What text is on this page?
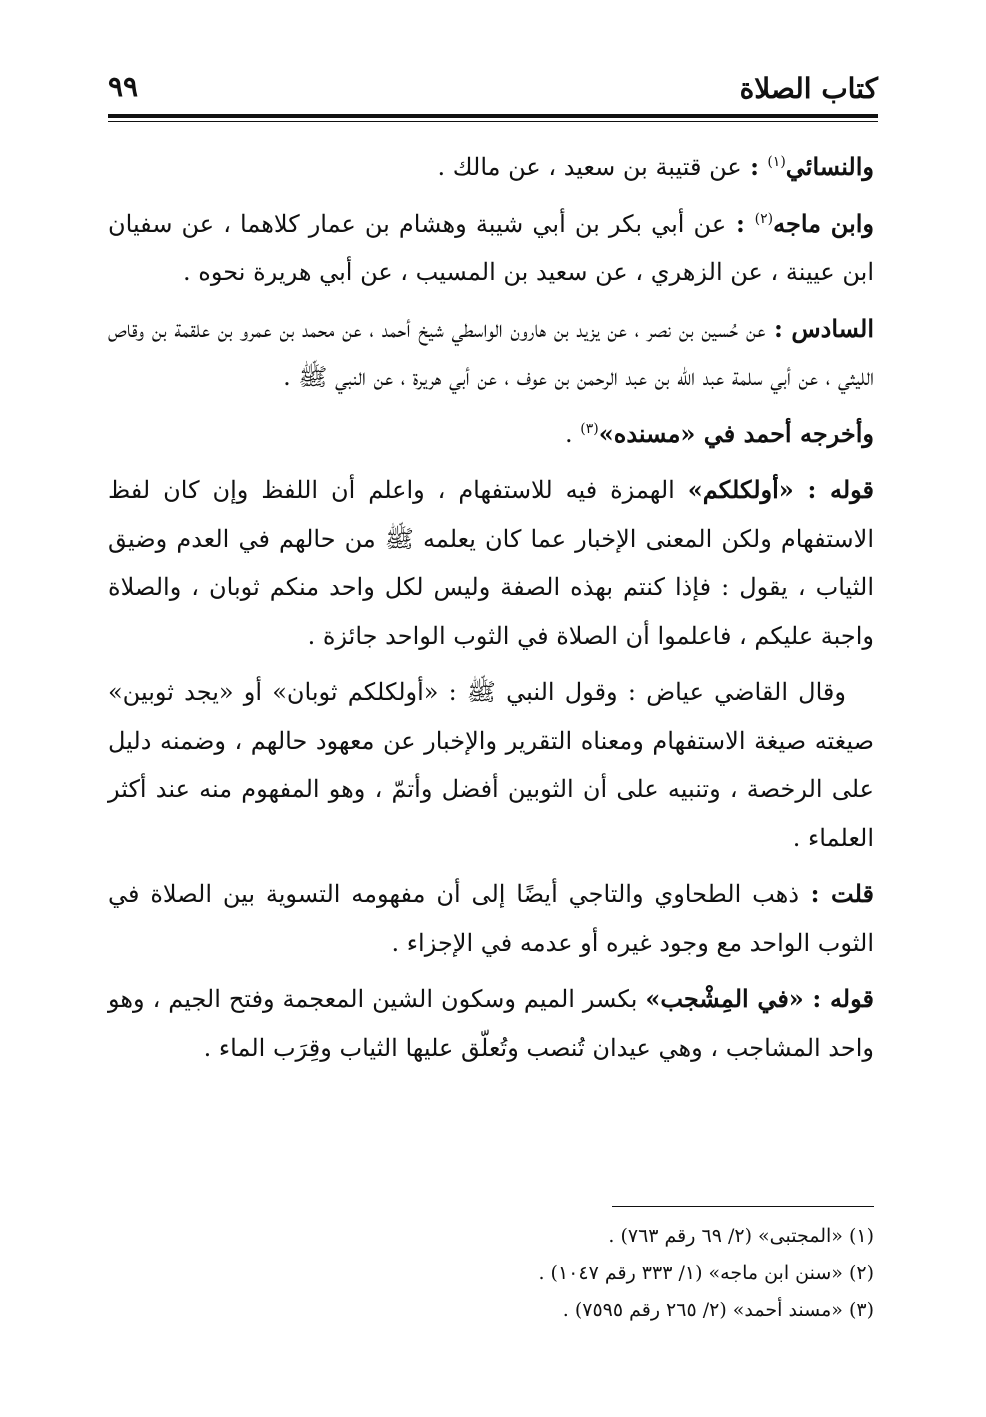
كتاب الصلاة
٩٩

والنسائي$^{(١)}$ : عن قتيبة بن سعيد ، عن مالك .

وابن ماجه$^{(٢)}$ : عن أبي بكر بن أبي شيبة وهشام بن عمار كلاهما ، عن سفيان ابن عيينة ، عن الزهري ، عن سعيد بن المسيب ، عن أبي هريرة نحوه .

السادس : عن حُسين بن نصر ، عن يزيد بن هارون الواسطي شيخ أحمد ، عن محمد بن عمرو بن علقمة بن وقاص الليثي ، عن أبي سلمة عبد الله بن عبد الرحمن بن عوف ، عن أبي هريرة ، عن النبي ﷺ .

وأخرجه أحمد في «مسنده»$^{(٣)}$ .

قوله : «أولكلكم» الهمزة فيه للاستفهام ، واعلم أن اللفظ وإن كان لفظ الاستفهام ولكن المعنى الإخبار عما كان يعلمه ﷺ من حالهم في العدم وضيق الثياب ، يقول : فإذا كنتم بهذه الصفة وليس لكل واحد منكم ثوبان ، والصلاة واجبة عليكم ، فاعلموا أن الصلاة في الثوب الواحد جائزة .

وقال القاضي عياض : وقول النبي ﷺ : «أولكلكم ثوبان» أو «يجد ثوبين» صيغته صيغة الاستفهام ومعناه التقرير والإخبار عن معهود حالهم ، وضمنه دليل على الرخصة ، وتنبيه على أن الثوبين أفضل وأتمّ ، وهو المفهوم منه عند أكثر العلماء .

قلت : ذهب الطحاوي والتاجي أيضًا إلى أن مفهومه التسوية بين الصلاة في الثوب الواحد مع وجود غيره أو عدمه في الإجزاء .

قوله : «في المِشْجب» بكسر الميم وسكون الشين المعجمة وفتح الجيم ، وهو واحد المشاجب ، وهي عيدان تُنصب وتُعلّق عليها الثياب وقِرَب الماء .

(١) «المجتبى» (٢/ ٦٩ رقم ٧٦٣) .

(٢) «سنن ابن ماجه» (١/ ٣٣٣ رقم ١٠٤٧) .

(٣) «مسند أحمد» (٢/ ٢٦٥ رقم ٧٥٩٥) .
